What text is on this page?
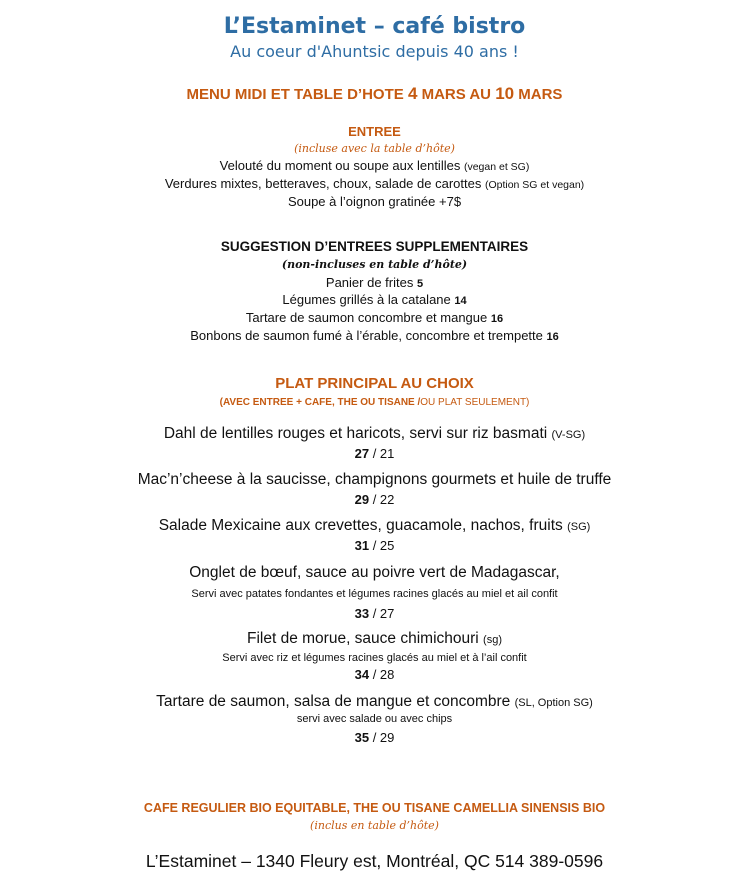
L’Estaminet – café bistro
Au coeur d'Ahuntsic depuis 40 ans !
MENU MIDI ET TABLE D’HOTE 4 MARS AU 10 MARS
ENTREE
(incluse avec la table d’hôte)
Velouté du moment ou soupe aux lentilles (vegan et SG)
Verdures mixtes, betteraves, choux, salade de carottes (Option SG et vegan)
Soupe à l’oignon gratinée +7$
SUGGESTION D’ENTREES SUPPLEMENTAIRES
(non-incluses en table d’hôte)
Panier de frites 5
Légumes grillés à la catalane 14
Tartare de saumon concombre et mangue 16
Bonbons de saumon fumé à l’érable, concombre et trempette 16
PLAT PRINCIPAL AU CHOIX
(AVEC ENTREE + CAFE, THE OU TISANE /OU PLAT SEULEMENT)
Dahl de lentilles rouges et haricots, servi sur riz basmati (V-SG)
27 / 21
Mac’n’cheese à la saucisse, champignons gourmets et huile de truffe
29 / 22
Salade Mexicaine aux crevettes, guacamole, nachos, fruits (SG)
31 / 25
Onglet de bœuf, sauce au poivre vert de Madagascar,
Servi avec patates fondantes et légumes racines glacés au miel et ail confit
33 / 27
Filet de morue, sauce chimichouri (sg)
Servi avec riz et légumes racines glacés au miel et à l’ail confit
34 / 28
Tartare de saumon, salsa de mangue et concombre (SL, Option SG)
servi avec salade ou avec chips
35 / 29
CAFE REGULIER BIO EQUITABLE, THE OU TISANE CAMELLIA SINENSIS BIO
(inclus en table d’hôte)
L’Estaminet – 1340 Fleury est, Montréal, QC 514 389-0596
